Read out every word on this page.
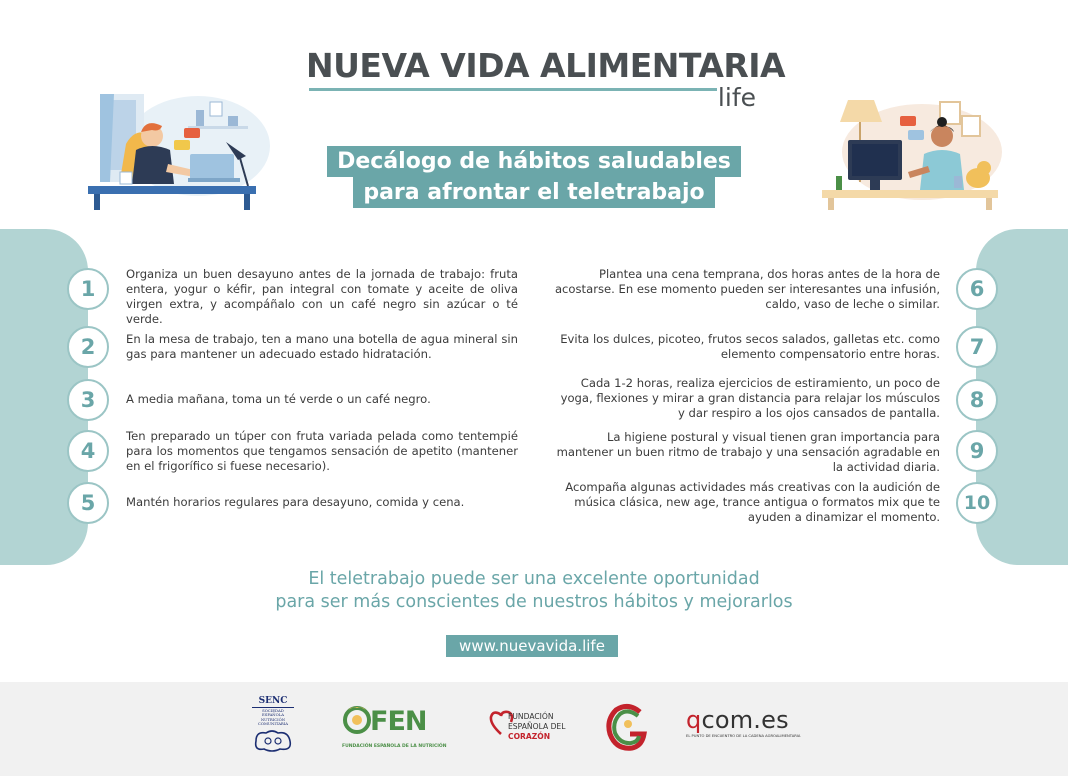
NUEVA VIDA ALIMENTARIA
life
Decálogo de hábitos saludables
para afrontar el teletrabajo
1
2
3
4
5
6
7
8
9
10
Organiza un buen desayuno antes de la jornada de trabajo: fruta entera, yogur o kéfir, pan integral con tomate y aceite de oliva virgen extra, y acompáñalo con un café negro sin azúcar o té verde.
En la mesa de trabajo, ten a mano una botella de agua mineral sin gas para mantener un adecuado estado hidratación.
A media mañana, toma un té verde o un café negro.
Ten preparado un túper con fruta variada pelada como tentempié para los momentos que tengamos sensación de apetito (mantener en el frigorífico si fuese necesario).
Mantén horarios regulares para desayuno, comida y cena.
Plantea una cena temprana, dos horas antes de la hora de acostarse. En ese momento pueden ser interesantes una infusión, caldo, vaso de leche o similar.
Evita los dulces, picoteo, frutos secos salados, galletas etc. como elemento compensatorio entre horas.
Cada 1-2 horas, realiza ejercicios de estiramiento, un poco de yoga, flexiones y mirar a gran distancia para relajar los músculos y dar respiro a los ojos cansados de pantalla.
La higiene postural y visual tienen gran importancia para mantener un buen ritmo de trabajo y una sensación agradable en la actividad diaria.
Acompaña algunas actividades más creativas con la audición de música clásica, new age, trance antigua o formatos mix que te ayuden a dinamizar el momento.
El teletrabajo puede ser una excelente oportunidad
para ser más conscientes de nuestros hábitos y mejorarlos
www.nuevavida.life
SENC
SOCIEDAD
ESPAÑOLA
NUTRICIÓN
COMUNITARIA	FEN
FUNDACIÓN ESPAÑOLA DE LA NUTRICIÓN
FUNDACIÓN
ESPAÑOLA DEL
CORAZÓN
qcom.es
EL PUNTO DE ENCUENTRO DE LA CADENA AGROALIMENTARIA
